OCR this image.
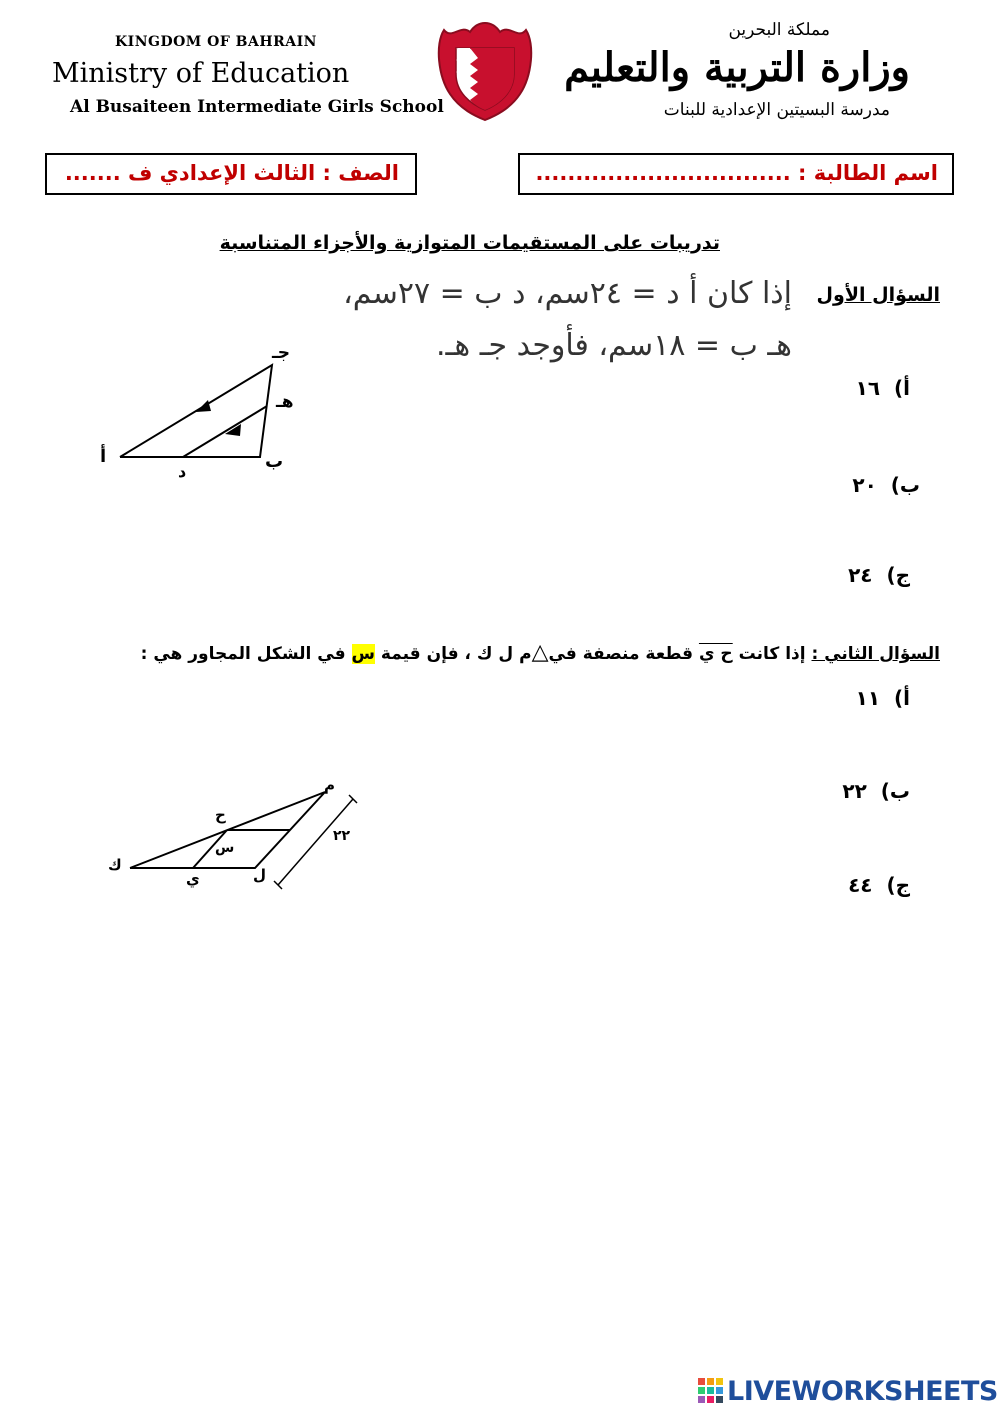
KINGDOM OF BAHRAIN
Ministry of Education
Al Busaiteen Intermediate Girls School
مملكة البحرين
وزارة التربية والتعليم
مدرسة البسيتين الإعدادية للبنات
الصف : الثالث الإعدادي ف .......	اسم الطالبة : ................................
تدريبات على المستقيمات المتوازية والأجزاء المتناسبة
السؤال الأول
إذا كان أ د = ٢٤سم، د ب = ٢٧سم،
هـ ب = ١٨سم، فأوجد جـ هـ.
أ
د	ب
هـ
جـ
أ)  ١٦
ب)  ٢٠
ج)  ٢٤
السؤال الثاني : إذا كانت ح ي قطعة منصفة في△م ل ك ، فإن قيمة س في الشكل المجاور هي :
أ)  ١١
ب)  ٢٢
ج)  ٤٤
م
ح
س
ك
ي	ل
٢٢
LIVEWORKSHEETS
